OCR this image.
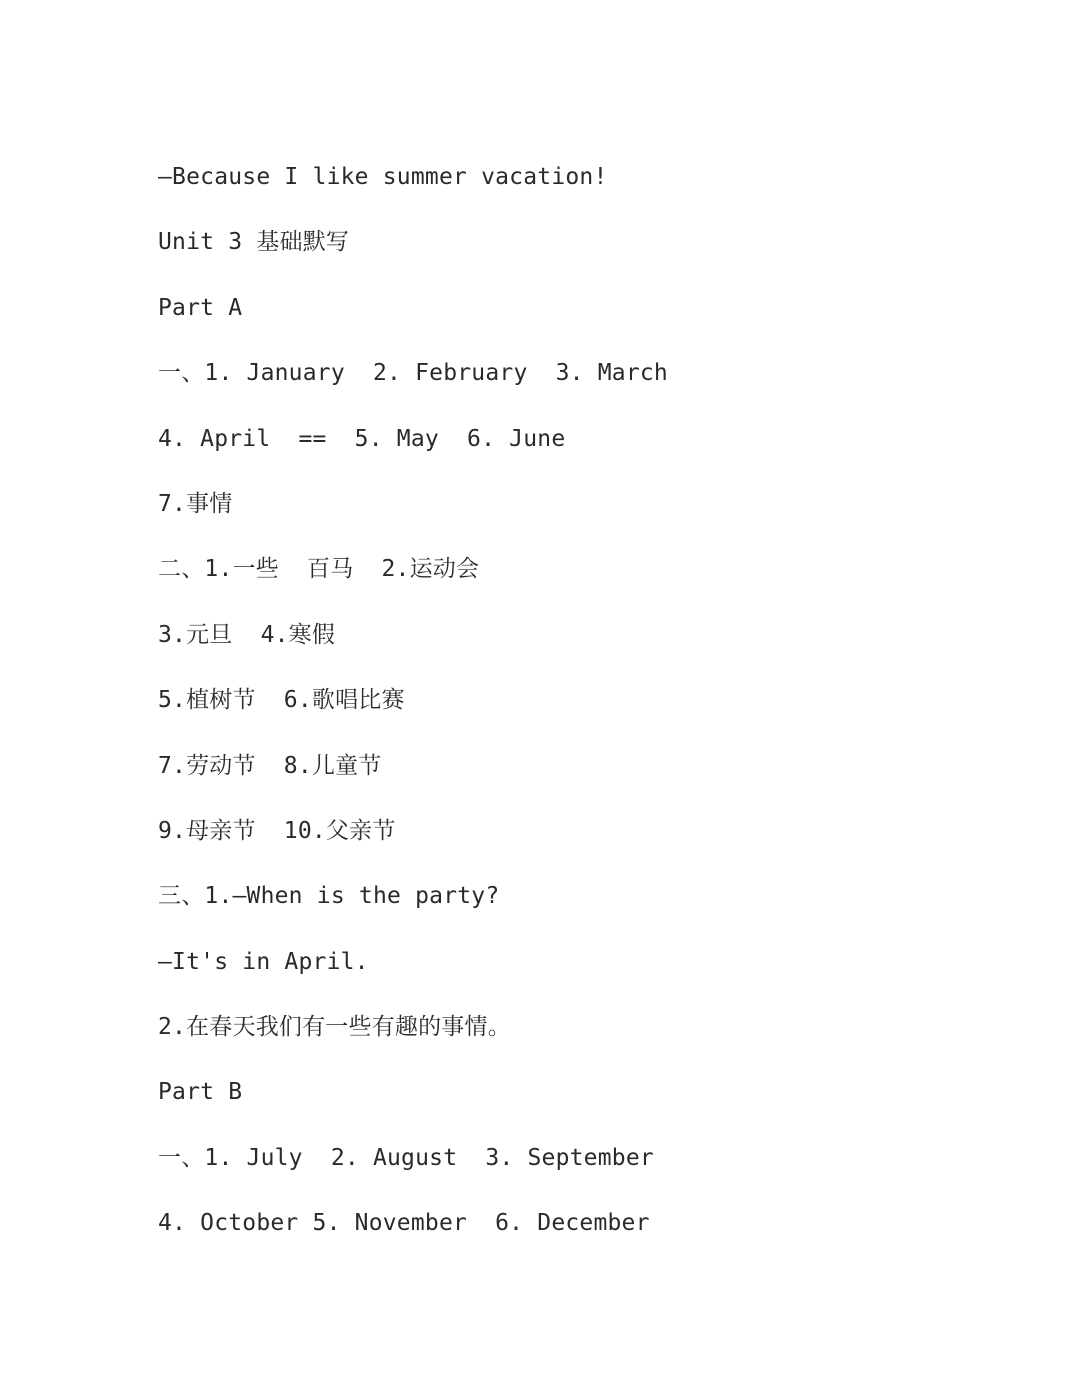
—Because I like summer vacation!
Unit 3 基础默写
Part A
一、1. January  2. February  3. March
4. April  ==  5. May  6. June
7.事情
二、1.一些  百马  2.运动会
3.元旦  4.寒假
5.植树节  6.歌唱比赛
7.劳动节  8.儿童节
9.母亲节  10.父亲节
三、1.—When is the party?
—It's in April.
2.在春天我们有一些有趣的事情。
Part B
一、1. July  2. August  3. September
4. October 5. November  6. December
